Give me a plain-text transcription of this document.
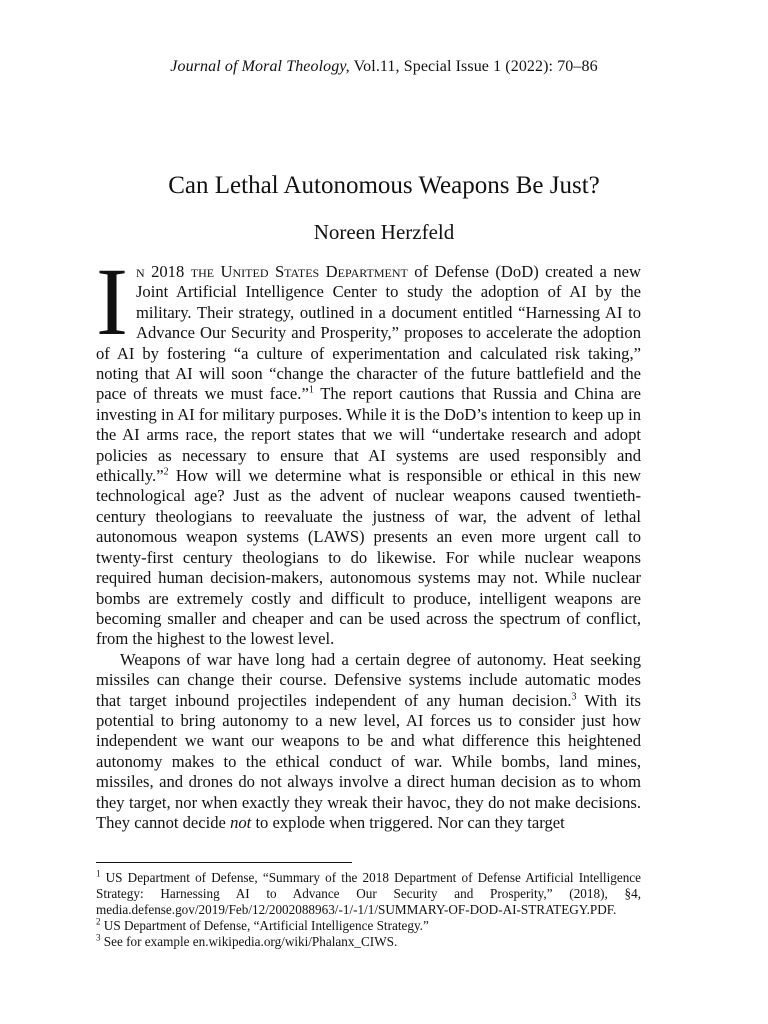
Journal of Moral Theology, Vol.11, Special Issue 1 (2022): 70–86
Can Lethal Autonomous Weapons Be Just?
Noreen Herzfeld

In 2018 the United States Department of Defense (DoD) created a new Joint Artificial Intelligence Center to study the adoption of AI by the military. Their strategy, outlined in a document entitled “Harnessing AI to Advance Our Security and Prosperity,” proposes to accelerate the adoption of AI by fostering “a culture of experimentation and calculated risk taking,” noting that AI will soon “change the character of the future battlefield and the pace of threats we must face.”$^1$ The report cautions that Russia and China are investing in AI for military purposes. While it is the DoD’s intention to keep up in the AI arms race, the report states that we will “undertake research and adopt policies as necessary to ensure that AI systems are used responsibly and ethically.”$^2$ How will we determine what is responsible or ethical in this new technological age? Just as the advent of nuclear weapons caused twentieth-century theologians to reevaluate the justness of war, the advent of lethal autonomous weapon systems (LAWS) presents an even more urgent call to twenty-first century theologians to do likewise. For while nuclear weapons required human decision-makers, autonomous systems may not. While nuclear bombs are extremely costly and difficult to produce, intelligent weapons are becoming smaller and cheaper and can be used across the spectrum of conflict, from the highest to the lowest level.

Weapons of war have long had a certain degree of autonomy. Heat seeking missiles can change their course. Defensive systems include automatic modes that target inbound projectiles independent of any human decision.$^3$ With its potential to bring autonomy to a new level, AI forces us to consider just how independent we want our weapons to be and what difference this heightened autonomy makes to the ethical conduct of war. While bombs, land mines, missiles, and drones do not always involve a direct human decision as to whom they target, nor when exactly they wreak their havoc, they do not make decisions. They cannot decide not to explode when triggered. Nor can they target

$^1$ US Department of Defense, “Summary of the 2018 Department of Defense Artificial Intelligence Strategy: Harnessing AI to Advance Our Security and Prosperity,” (2018), §4, media.defense.gov/2019/Feb/12/2002088963/-1/-1/1/SUMMARY-OF-DOD-AI-STRATEGY.PDF.

$^2$ US Department of Defense, “Artificial Intelligence Strategy.”

$^3$ See for example en.wikipedia.org/wiki/Phalanx_CIWS.
